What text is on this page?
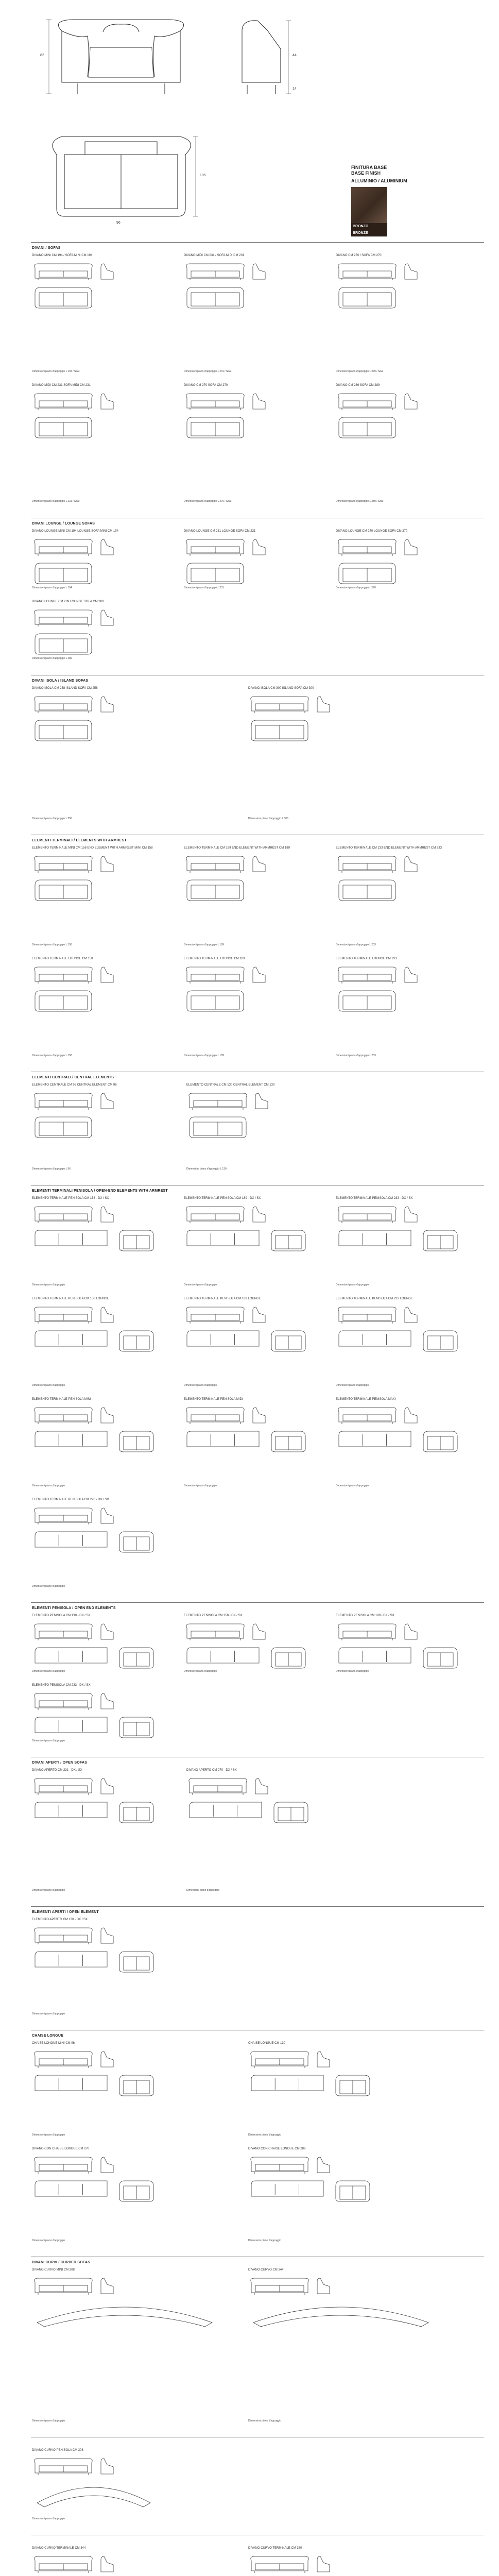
82	44
14
105
96
FINITURA BASE
BASE FINISH
ALLUMINIO / ALUMINIUM
BRONZO
BRONZE
DIVANI / SOFAS
DIVANO MINI CM 194 / SOFA MINI CM 194
Dimensioni piano d'appoggio L 194 / Seat
DIVANO MIDI CM 231 / SOFA MIDI CM 231
Dimensioni piano d'appoggio L 231 / Seat
DIVANO CM 270 / SOFA CM 270
Dimensioni piano d'appoggio L 270 / Seat
DIVANO MIDI CM 231 SOFA MIDI CM 231
Dimensioni piano d'appoggio L 231 / Seat
DIVANO CM 270 SOFA CM 270
Dimensioni piano d'appoggio L 270 / Seat
DIVANO CM 289 SOFA CM 289
Dimensioni piano d'appoggio L 289 / Seat
DIVANI LOUNGE / LOUNGE SOFAS
DIVANO LOUNGE MINI CM 194 LOUNGE SOFA MINI CM 194
Dimensioni piano d'appoggio L 194
DIVANO LOUNGE CM 231 LOUNGE SOFA CM 231
Dimensioni piano d'appoggio L 231
DIVANO LOUNGE CM 270 LOUNGE SOFA CM 270
Dimensioni piano d'appoggio L 270
DIVANO LOUNGE CM 289 LOUNGE SOFA CM 289
Dimensioni piano d'appoggio L 289
DIVANI ISOLA / ISLAND SOFAS
DIVANO ISOLA CM 258 ISLAND SOFA CM 258
Dimensioni piano d'appoggio L 258
DIVANO ISOLA CM 300 ISLAND SOFA CM 300
Dimensioni piano d'appoggio L 300
ELEMENTI TERMINALI / ELEMENTS WITH ARMREST
ELEMENTO TERMINALE MINI CM 158 END ELEMENT WITH ARMREST MINI CM 158
Dimensioni piano d'appoggio L 158
ELEMENTO TERMINALE CM 189 END ELEMENT WITH ARMREST CM 189
Dimensioni piano d'appoggio L 189
ELEMENTO TERMINALE CM 233 END ELEMENT WITH ARMREST CM 233
Dimensioni piano d'appoggio L 233
ELEMENTO TERMINALE LOUNGE CM 158
Dimensioni piano d'appoggio L 158
ELEMENTO TERMINALE LOUNGE CM 189
Dimensioni piano d'appoggio L 189
ELEMENTO TERMINALE LOUNGE CM 233
Dimensioni piano d'appoggio L 233
ELEMENTI CENTRALI / CENTRAL ELEMENTS
ELEMENTO CENTRALE CM 96 CENTRAL ELEMENT CM 96
Dimensioni piano d'appoggio L 96
ELEMENTO CENTRALE CM 130 CENTRAL ELEMENT CM 130
Dimensioni piano d'appoggio L 130
ELEMENTI TERMINALI PENISOLA / OPEN-END ELEMENTS WITH ARMREST
ELEMENTO TERMINALE PENISOLA CM 158 - DX / SX
Dimensioni piano d'appoggio
ELEMENTO TERMINALE PENISOLA CM 189 - DX / SX
Dimensioni piano d'appoggio
ELEMENTO TERMINALE PENISOLA CM 233 - DX / SX
Dimensioni piano d'appoggio
ELEMENTO TERMINALE PENISOLA CM 158 LOUNGE
Dimensioni piano d'appoggio
ELEMENTO TERMINALE PENISOLA CM 189 LOUNGE
Dimensioni piano d'appoggio
ELEMENTO TERMINALE PENISOLA CM 233 LOUNGE
Dimensioni piano d'appoggio
ELEMENTO TERMINALE PENISOLA MINI
Dimensioni piano d'appoggio
ELEMENTO TERMINALE PENISOLA MIDI
Dimensioni piano d'appoggio
ELEMENTO TERMINALE PENISOLA MAXI
Dimensioni piano d'appoggio
ELEMENTO TERMINALE PENISOLA CM 270 - DX / SX
Dimensioni piano d'appoggio
ELEMENTI PENISOLA / OPEN END ELEMENTS
ELEMENTO PENISOLA CM 130 - DX / SX
Dimensioni piano d'appoggio
ELEMENTO PENISOLA CM 158 - DX / SX
Dimensioni piano d'appoggio
ELEMENTO PENISOLA CM 189 - DX / SX
Dimensioni piano d'appoggio
ELEMENTO PENISOLA CM 233 - DX / SX
Dimensioni piano d'appoggio
DIVANI APERTI / OPEN SOFAS
DIVANO APERTO CM 231 - DX / SX
Dimensioni piano d'appoggio
DIVANO APERTO CM 270 - DX / SX
Dimensioni piano d'appoggio
ELEMENTI APERTI / OPEN ELEMENT
ELEMENTO APERTO CM 130 - DX / SX
Dimensioni piano d'appoggio
CHAISE LONGUE
CHAISE LONGUE MINI CM 96
Dimensioni piano d'appoggio
CHAISE LONGUE CM 130
Dimensioni piano d'appoggio
DIVANO CON CHAISE LONGUE CM 270
Dimensioni piano d'appoggio
DIVANO CON CHAISE LONGUE CM 289
Dimensioni piano d'appoggio
DIVANI CURVI / CURVED SOFAS
DIVANO CURVO MINI CM 308
Dimensioni piano d'appoggio
DIVANO CURVO CM 344
Dimensioni piano d'appoggio
DIVANO CURVO PENISOLA CM 308
Dimensioni piano d'appoggio
DIVANO CURVO TERMINALE CM 344	DIVANO CURVO TERMINALE CM 380
